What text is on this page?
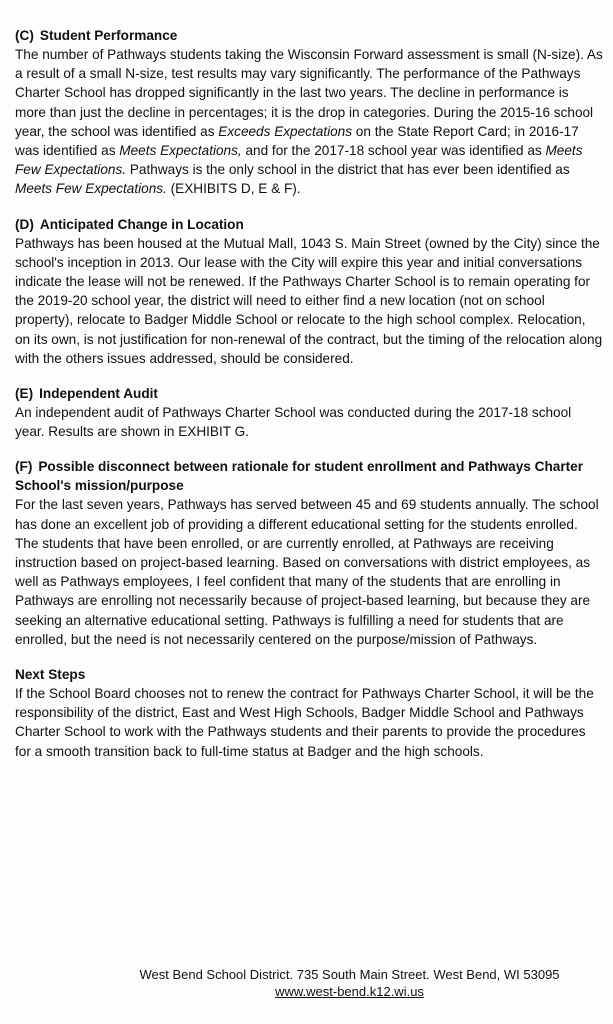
(C) Student Performance

The number of Pathways students taking the Wisconsin Forward assessment is small (N-size). As a result of a small N-size, test results may vary significantly. The performance of the Pathways Charter School has dropped significantly in the last two years. The decline in performance is more than just the decline in percentages; it is the drop in categories. During the 2015-16 school year, the school was identified as Exceeds Expectations on the State Report Card; in 2016-17 was identified as Meets Expectations, and for the 2017-18 school year was identified as Meets Few Expectations. Pathways is the only school in the district that has ever been identified as Meets Few Expectations. (EXHIBITS D, E & F).

(D) Anticipated Change in Location

Pathways has been housed at the Mutual Mall, 1043 S. Main Street (owned by the City) since the school's inception in 2013. Our lease with the City will expire this year and initial conversations indicate the lease will not be renewed. If the Pathways Charter School is to remain operating for the 2019-20 school year, the district will need to either find a new location (not on school property), relocate to Badger Middle School or relocate to the high school complex. Relocation, on its own, is not justification for non-renewal of the contract, but the timing of the relocation along with the others issues addressed, should be considered.

(E) Independent Audit

An independent audit of Pathways Charter School was conducted during the 2017-18 school year. Results are shown in EXHIBIT G.

(F) Possible disconnect between rationale for student enrollment and Pathways Charter School's mission/purpose

For the last seven years, Pathways has served between 45 and 69 students annually. The school has done an excellent job of providing a different educational setting for the students enrolled. The students that have been enrolled, or are currently enrolled, at Pathways are receiving instruction based on project-based learning. Based on conversations with district employees, as well as Pathways employees, I feel confident that many of the students that are enrolling in Pathways are enrolling not necessarily because of project-based learning, but because they are seeking an alternative educational setting. Pathways is fulfilling a need for students that are enrolled, but the need is not necessarily centered on the purpose/mission of Pathways.

Next Steps

If the School Board chooses not to renew the contract for Pathways Charter School, it will be the responsibility of the district, East and West High Schools, Badger Middle School and Pathways Charter School to work with the Pathways students and their parents to provide the procedures for a smooth transition back to full-time status at Badger and the high schools.

West Bend School District. 735 South Main Street. West Bend, WI 53095
www.west-bend.k12.wi.us
